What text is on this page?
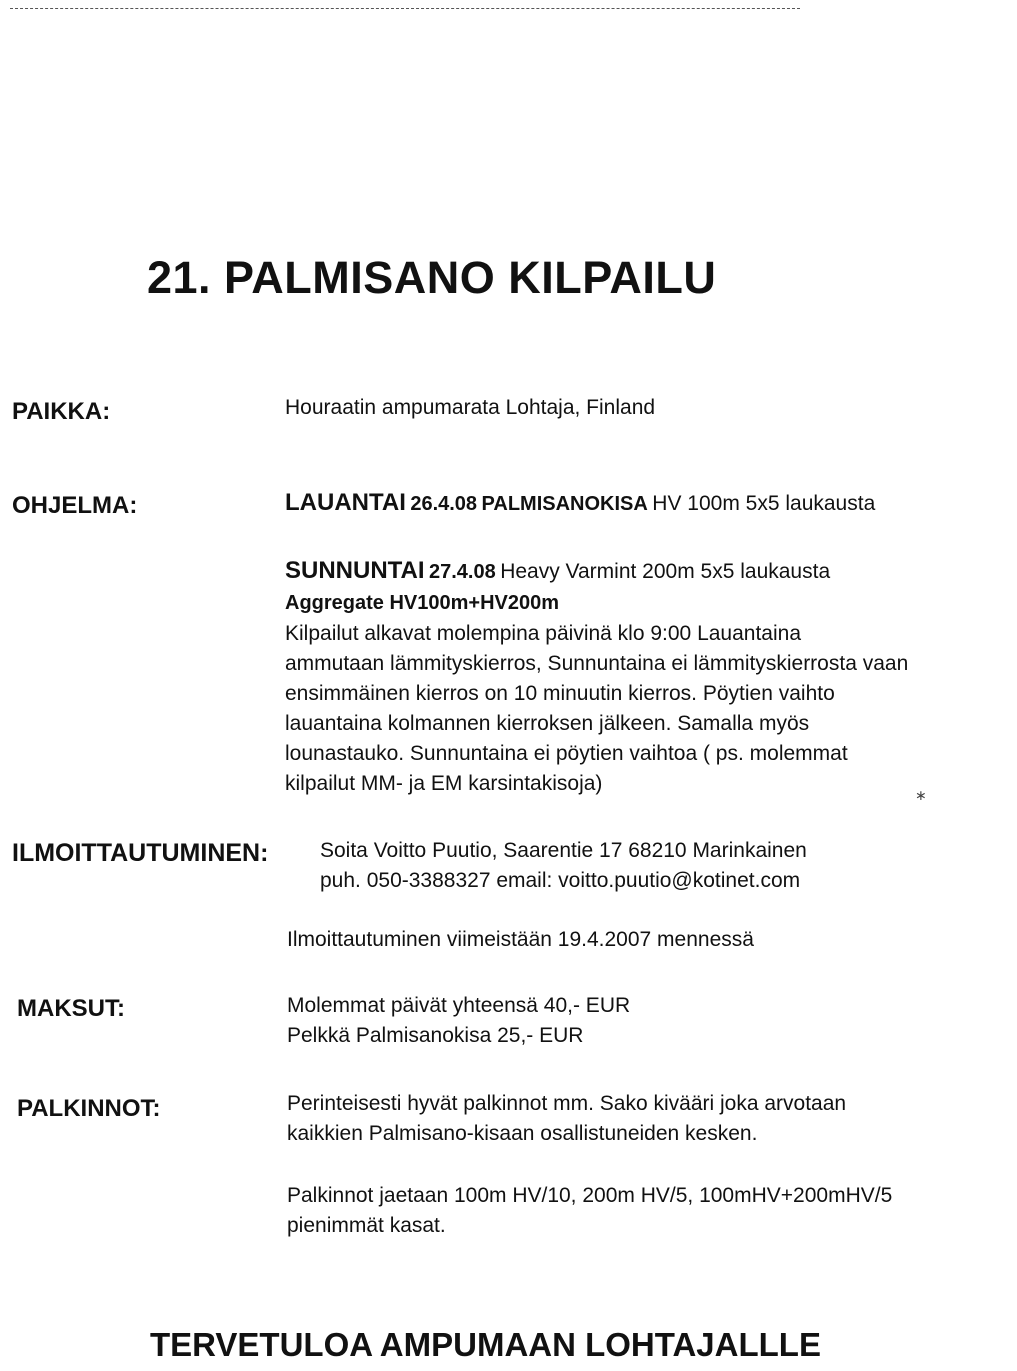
21. PALMISANO KILPAILU
PAIKKA:	Houraatin ampumarata Lohtaja, Finland
OHJELMA:	LAUANTAI 26.4.08 PALMISANOKISA HV 100m 5x5 laukausta
SUNNUNTAI 27.4.08 Heavy Varmint 200m 5x5 laukausta
Aggregate HV100m+HV200m
Kilpailut alkavat molempina päivinä klo 9:00 Lauantaina
ammutaan lämmityskierros, Sunnuntaina ei lämmityskierrosta vaan
ensimmäinen kierros on 10 minuutin kierros. Pöytien vaihto
lauantaina kolmannen kierroksen jälkeen. Samalla myös
lounastauko. Sunnuntaina ei pöytien vaihtoa ( ps. molemmat
kilpailut MM- ja EM karsintakisoja)	∗
ILMOITTAUTUMINEN: Soita Voitto Puutio, Saarentie 17 68210 Marinkainen
puh. 050-3388327 email: voitto.puutio@kotinet.com
Ilmoittautuminen viimeistään 19.4.2007 mennessä
MAKSUT:	Molemmat päivät yhteensä 40,- EUR
Pelkkä Palmisanokisa 25,- EUR
PALKINNOT:	Perinteisesti hyvät palkinnot mm. Sako kivääri joka arvotaan
kaikkien Palmisano-kisaan osallistuneiden kesken.
Palkinnot jaetaan 100m HV/10, 200m HV/5, 100mHV+200mHV/5
pienimmät kasat.
TERVETULOA AMPUMAAN LOHTAJALLLE
